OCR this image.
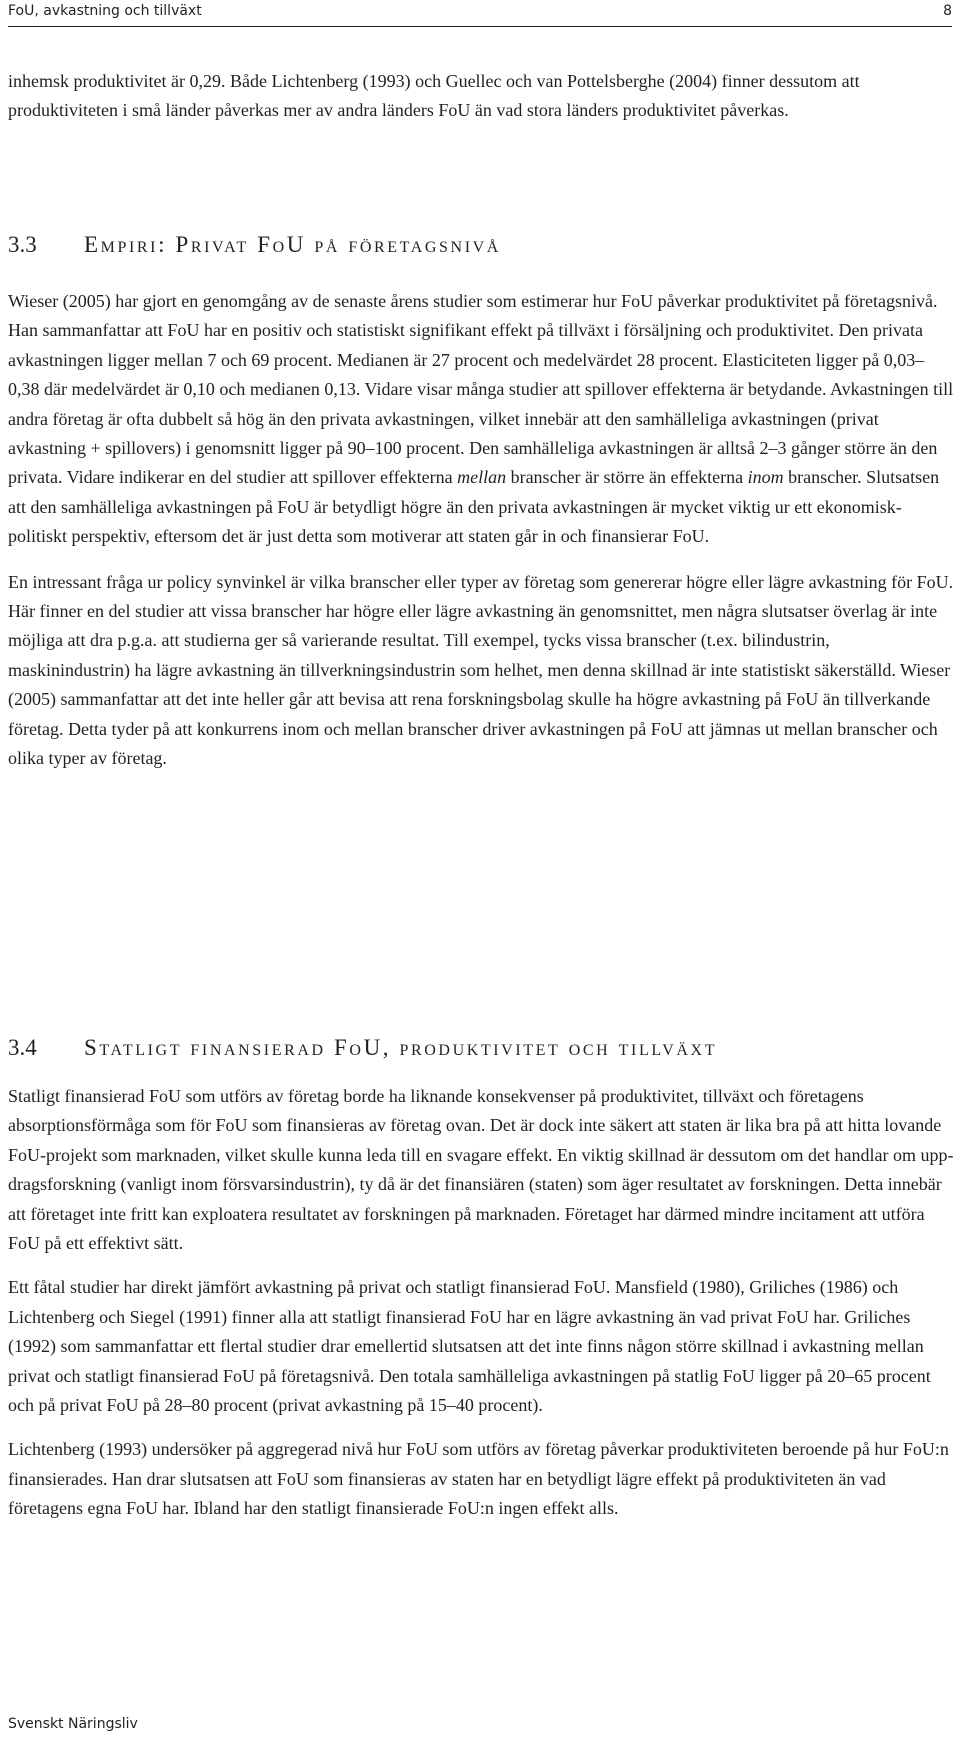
FoU, avkastning och tillväxt	8

inhemsk produktivitet är 0,29. Både Lichtenberg (1993) och Guellec och van Pottelsberghe (2004) finner dessutom att produktiviteten i små länder påverkas mer av andra länders FoU än vad stora länders produktivitet påverkas.

3.3 Empiri: Privat FoU på företagsnivå

Wieser (2005) har gjort en genomgång av de senaste årens studier som estimerar hur FoU påverkar produktivitet på företagsnivå. Han sammanfattar att FoU har en positiv och statistiskt signifikant effekt på tillväxt i försäljning och produktivitet. Den privata avkastningen ligger mellan 7 och 69 procent. Medianen är 27 procent och medelvärdet 28 procent. Elasticiteten ligger på 0,03–0,38 där medelvärdet är 0,10 och medianen 0,13. Vidare visar många studier att spillover effekterna är betydande. Avkastningen till andra företag är ofta dubbelt så hög än den privata avkastningen, vilket innebär att den samhälleliga avkastningen (privat avkastning + spillovers) i genomsnitt ligger på 90–100 procent. Den samhälleliga avkastningen är alltså 2–3 gånger större än den privata. Vidare indikerar en del studier att spillover effekterna mellan branscher är större än effekterna inom branscher. Slutsatsen att den samhälleliga avkastningen på FoU är betydligt högre än den privata avkastningen är mycket viktig ur ett ekonomisk-politiskt perspektiv, eftersom det är just detta som motiverar att staten går in och finansierar FoU.

En intressant fråga ur policy synvinkel är vilka branscher eller typer av företag som genererar högre eller lägre avkastning för FoU. Här finner en del studier att vissa branscher har högre eller lägre avkastning än genomsnittet, men några slutsatser överlag är inte möjliga att dra p.g.a. att studierna ger så varierande resultat. Till exempel, tycks vissa branscher (t.ex. bilindustrin, maskinindustrin) ha lägre avkastning än tillverkningsindustrin som helhet, men denna skillnad är inte statistiskt säkerställd. Wieser (2005) sammanfattar att det inte heller går att bevisa att rena forskningsbolag skulle ha högre avkastning på FoU än tillverkande företag. Detta tyder på att konkurrens inom och mellan branscher driver avkastningen på FoU att jämnas ut mellan branscher och olika typer av företag.

3.4 Statligt finansierad FoU, produktivitet och tillväxt

Statligt finansierad FoU som utförs av företag borde ha liknande konsekvenser på produktivitet, tillväxt och företagens absorptionsförmåga som för FoU som finansieras av företag ovan. Det är dock inte säkert att staten är lika bra på att hitta lovande FoU-projekt som marknaden, vilket skulle kunna leda till en svagare effekt. En viktig skillnad är dessutom om det handlar om uppdragsforskning (vanligt inom försvarsindustrin), ty då är det finansiären (staten) som äger resultatet av forskningen. Detta innebär att företaget inte fritt kan exploatera resultatet av forskningen på marknaden. Företaget har därmed mindre incitament att utföra FoU på ett effektivt sätt.

Ett fåtal studier har direkt jämfört avkastning på privat och statligt finansierad FoU. Mansfield (1980), Griliches (1986) och Lichtenberg och Siegel (1991) finner alla att statligt finansierad FoU har en lägre avkastning än vad privat FoU har. Griliches (1992) som sammanfattar ett flertal studier drar emellertid slutsatsen att det inte finns någon större skillnad i avkastning mellan privat och statligt finansierad FoU på företagsnivå. Den totala samhälleliga avkastningen på statlig FoU ligger på 20–65 procent och på privat FoU på 28–80 procent (privat avkastning på 15–40 procent).

Lichtenberg (1993) undersöker på aggregerad nivå hur FoU som utförs av företag påverkar produktiviteten beroende på hur FoU:n finansierades. Han drar slutsatsen att FoU som finansieras av staten har en betydligt lägre effekt på produktiviteten än vad företagens egna FoU har. Ibland har den statligt finansierade FoU:n ingen effekt alls.

Svenskt Näringsliv
